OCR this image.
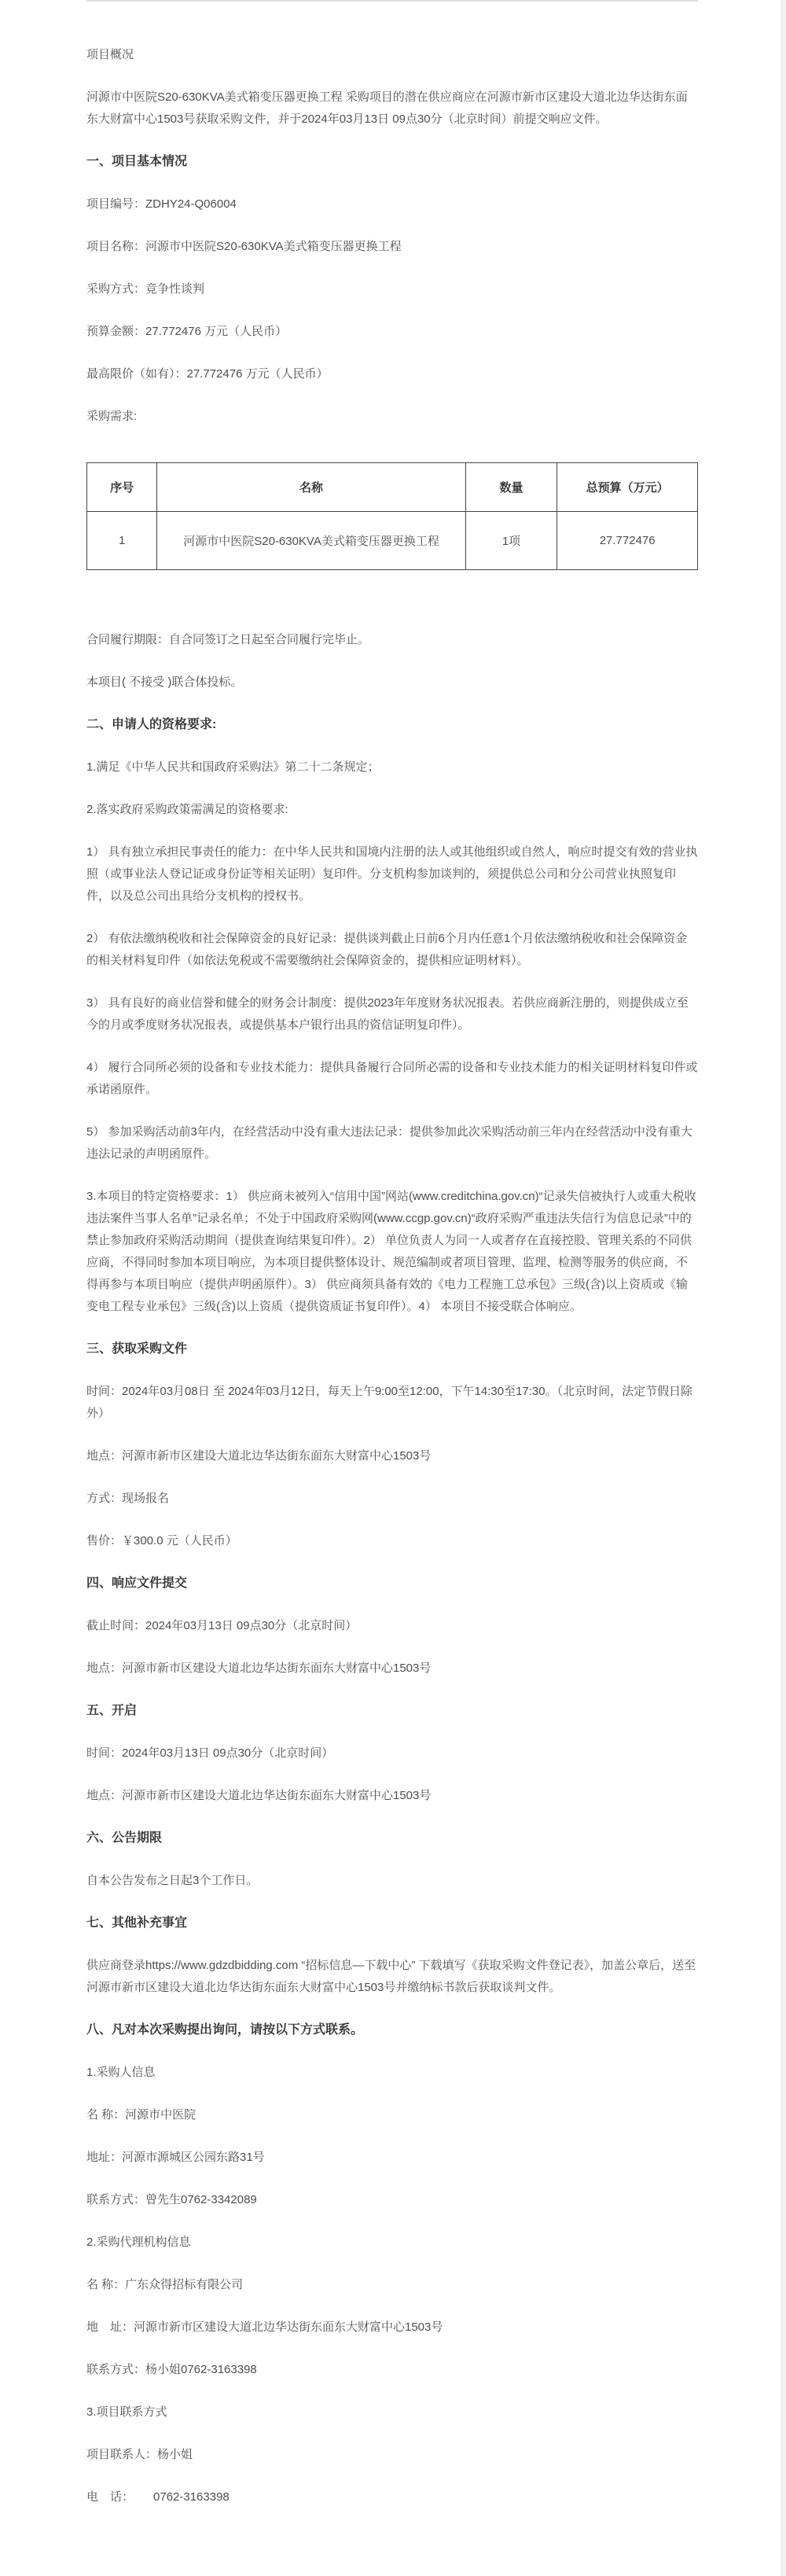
项目概况
河源市中医院S20-630KVA美式箱变压器更换工程 采购项目的潜在供应商应在河源市新市区建设大道北边华达街东面东大财富中心1503号获取采购文件，并于2024年03月13日 09点30分（北京时间）前提交响应文件。
一、项目基本情况
项目编号：ZDHY24-Q06004
项目名称：河源市中医院S20-630KVA美式箱变压器更换工程
采购方式：竞争性谈判
预算金额：27.772476 万元（人民币）
最高限价（如有）：27.772476 万元（人民币）
采购需求:
序号	名称	数量	总预算（万元）
1	河源市中医院S20-630KVA美式箱变压器更换工程	1项	27.772476
合同履行期限：自合同签订之日起至合同履行完毕止。
本项目( 不接受 )联合体投标。
二、申请人的资格要求:
1.满足《中华人民共和国政府采购法》第二十二条规定；
2.落实政府采购政策需满足的资格要求:
1） 具有独立承担民事责任的能力：在中华人民共和国境内注册的法人或其他组织或自然人，响应时提交有效的营业执照（或事业法人登记证或身份证等相关证明）复印件。分支机构参加谈判的，须提供总公司和分公司营业执照复印件，以及总公司出具给分支机构的授权书。
2） 有依法缴纳税收和社会保障资金的良好记录：提供谈判截止日前6个月内任意1个月依法缴纳税收和社会保障资金的相关材料复印件（如依法免税或不需要缴纳社会保障资金的，提供相应证明材料）。
3） 具有良好的商业信誉和健全的财务会计制度：提供2023年年度财务状况报表。若供应商新注册的，则提供成立至今的月或季度财务状况报表，或提供基本户银行出具的资信证明复印件）。
4） 履行合同所必须的设备和专业技术能力：提供具备履行合同所必需的设备和专业技术能力的相关证明材料复印件或承诺函原件。
5） 参加采购活动前3年内，在经营活动中没有重大违法记录：提供参加此次采购活动前三年内在经营活动中没有重大违法记录的声明函原件。
3.本项目的特定资格要求：1） 供应商未被列入“信用中国”网站(www.creditchina.gov.cn)“记录失信被执行人或重大税收违法案件当事人名单”记录名单；不处于中国政府采购网(www.ccgp.gov.cn)“政府采购严重违法失信行为信息记录”中的禁止参加政府采购活动期间（提供查询结果复印件）。2） 单位负责人为同一人或者存在直接控股、管理关系的不同供应商，不得同时参加本项目响应，为本项目提供整体设计、规范编制或者项目管理、监理、检测等服务的供应商，不得再参与本项目响应（提供声明函原件）。3） 供应商须具备有效的《电力工程施工总承包》三级(含)以上资质或《输变电工程专业承包》三级(含)以上资质（提供资质证书复印件）。4） 本项目不接受联合体响应。
三、获取采购文件
时间：2024年03月08日 至 2024年03月12日，每天上午9:00至12:00，下午14:30至17:30。（北京时间，法定节假日除外）
地点：河源市新市区建设大道北边华达街东面东大财富中心1503号
方式：现场报名
售价：￥300.0 元（人民币）
四、响应文件提交
截止时间：2024年03月13日 09点30分（北京时间）
地点：河源市新市区建设大道北边华达街东面东大财富中心1503号
五、开启
时间：2024年03月13日 09点30分（北京时间）
地点：河源市新市区建设大道北边华达街东面东大财富中心1503号
六、公告期限
自本公告发布之日起3个工作日。
七、其他补充事宜
供应商登录https://www.gdzdbidding.com “招标信息—下载中心” 下载填写《获取采购文件登记表》，加盖公章后，送至河源市新市区建设大道北边华达街东面东大财富中心1503号并缴纳标书款后获取谈判文件。
八、凡对本次采购提出询问，请按以下方式联系。
1.采购人信息
名 称：河源市中医院
地址：河源市源城区公园东路31号
联系方式：曾先生0762-3342089
2.采购代理机构信息
名 称：广东众得招标有限公司
地　址：河源市新市区建设大道北边华达街东面东大财富中心1503号
联系方式：杨小姐0762-3163398
3.项目联系方式
项目联系人：杨小姐
电　话：      0762-3163398
